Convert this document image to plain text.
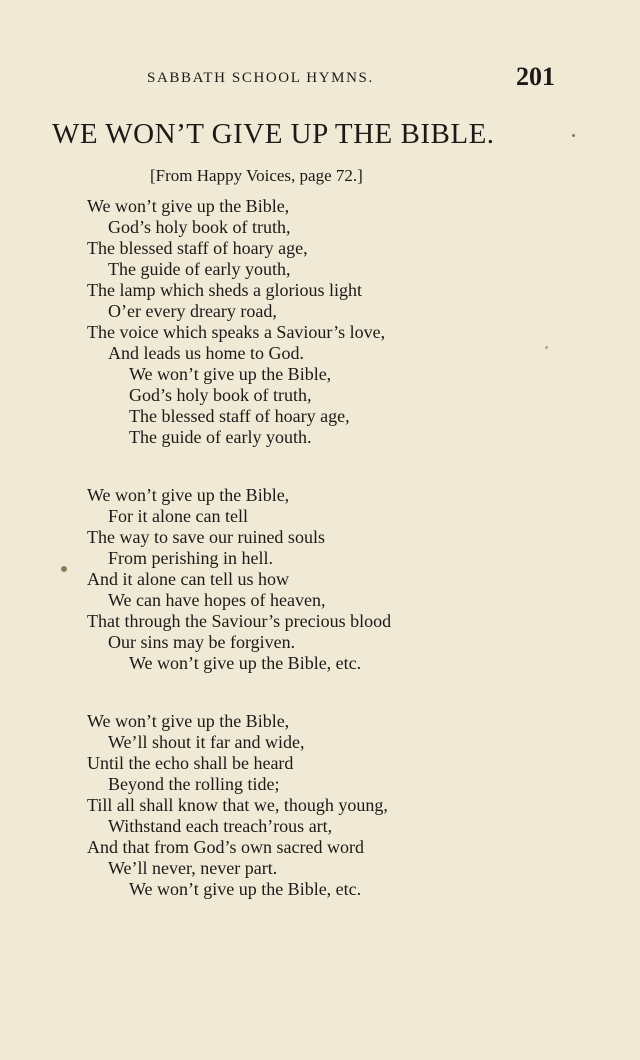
SABBATH SCHOOL HYMNS.	201
WE WON’T GIVE UP THE BIBLE.
[From Happy Voices, page 72.]
We won’t give up the Bible,
God’s holy book of truth,
The blessed staff of hoary age,
The guide of early youth,
The lamp which sheds a glorious light
O’er every dreary road,
The voice which speaks a Saviour’s love,
And leads us home to God.
We won’t give up the Bible,
God’s holy book of truth,
The blessed staff of hoary age,
The guide of early youth.
We won’t give up the Bible,
For it alone can tell
The way to save our ruined souls
From perishing in hell.
And it alone can tell us how
We can have hopes of heaven,
That through the Saviour’s precious blood
Our sins may be forgiven.
We won’t give up the Bible, etc.
We won’t give up the Bible,
We’ll shout it far and wide,
Until the echo shall be heard
Beyond the rolling tide;
Till all shall know that we, though young,
Withstand each treach’rous art,
And that from God’s own sacred word
We’ll never, never part.
We won’t give up the Bible, etc.
